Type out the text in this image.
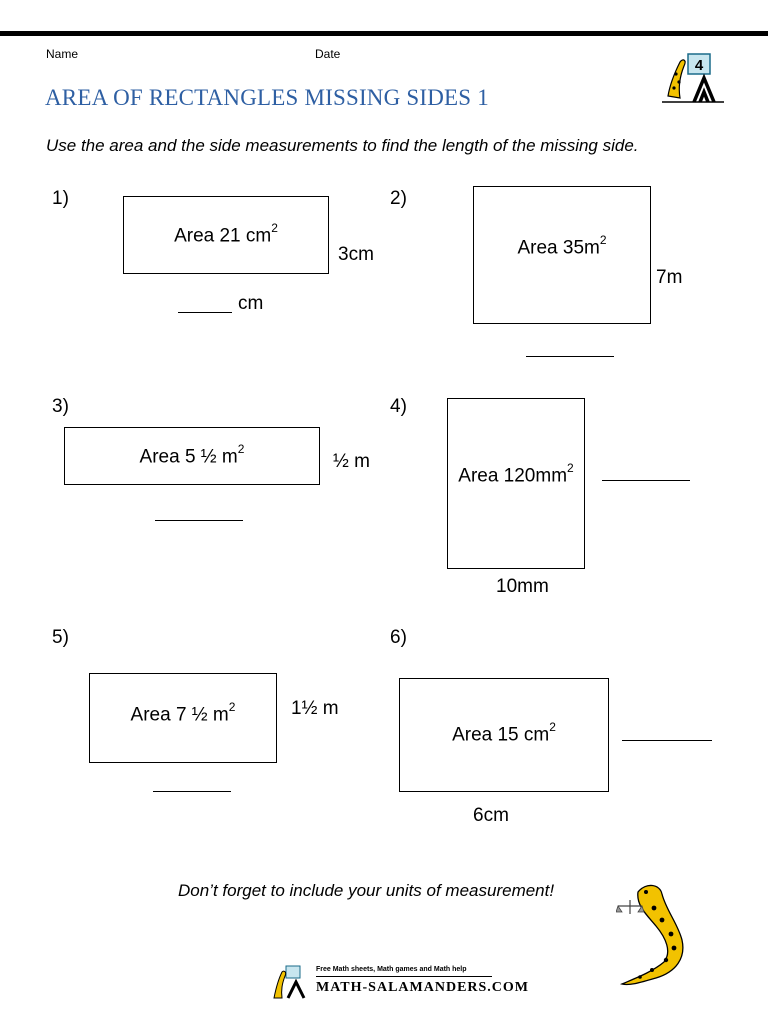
Name	Date
4
AREA OF RECTANGLES MISSING SIDES 1
Use the area and the side measurements to find the length of the missing side.
1)
Area 21 $cm^2$
3cm
cm
2)
Area $35m^2$
7m
3)
Area 5 ½ $m^2$
½ m
4)
Area $120mm^2$
10mm
5)
Area 7 ½ $m^2$	1½ m
6)
Area 15 $cm^2$
6cm
Don’t forget to include your units of measurement!
Free Math sheets, Math games and Math help
MATH-SALAMANDERS.COM
